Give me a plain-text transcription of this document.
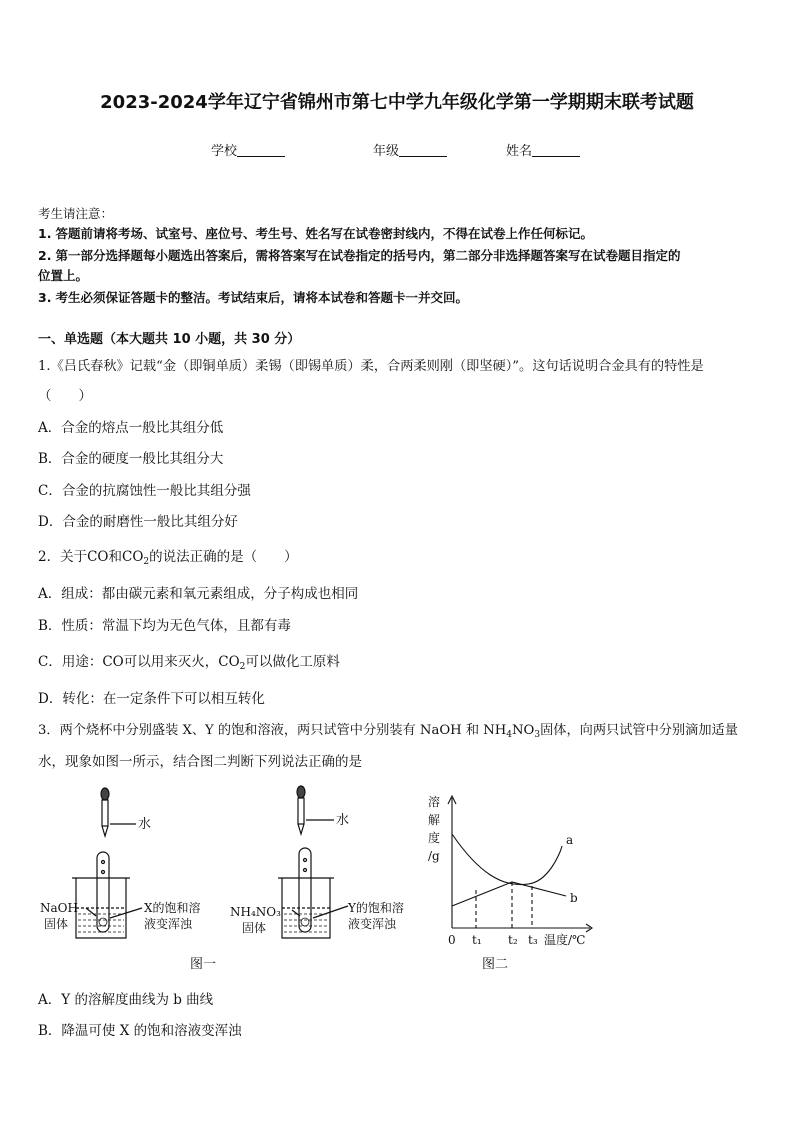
2023-2024学年辽宁省锦州市第七中学九年级化学第一学期期末联考试题
学校	年级	姓名
考生请注意：
1. 答题前请将考场、试室号、座位号、考生号、姓名写在试卷密封线内，不得在试卷上作任何标记。
2. 第一部分选择题每小题选出答案后，需将答案写在试卷指定的括号内，第二部分非选择题答案写在试卷题目指定的
位置上。
3. 考生必须保证答题卡的整洁。考试结束后，请将本试卷和答题卡一并交回。
一、单选题（本大题共 10 小题，共 30 分）
1.《吕氏春秋》记载“金（即铜单质）柔锡（即锡单质）柔，合两柔则刚（即坚硬）”。这句话说明合金具有的特性是
（　　）
A．合金的熔点一般比其组分低
B．合金的硬度一般比其组分大
C．合金的抗腐蚀性一般比其组分强
D．合金的耐磨性一般比其组分好
2．关于CO和$CO_2$的说法正确的是（　　）
A．组成：都由碳元素和氧元素组成，分子构成也相同
B．性质：常温下均为无色气体，且都有毒
C．用途：CO可以用来灭火，$CO_2$可以做化工原料
D．转化：在一定条件下可以相互转化
3．两个烧杯中分别盛装 X、Y 的饱和溶液，两只试管中分别装有 NaOH 和 $NH_4NO_3$固体，向两只试管中分别滴加适量
水，现象如图一所示，结合图二判断下列说法正确的是
水	水
NaOH
固体
X的饱和溶
液变浑浊
NH₄NO₃
固体
Y的饱和溶
液变浑浊
图一
溶
解
度
/g
0 t₁ t₂ t₃ 温度/℃
a
b
图二
A．Y 的溶解度曲线为 b 曲线
B．降温可使 X 的饱和溶液变浑浊
